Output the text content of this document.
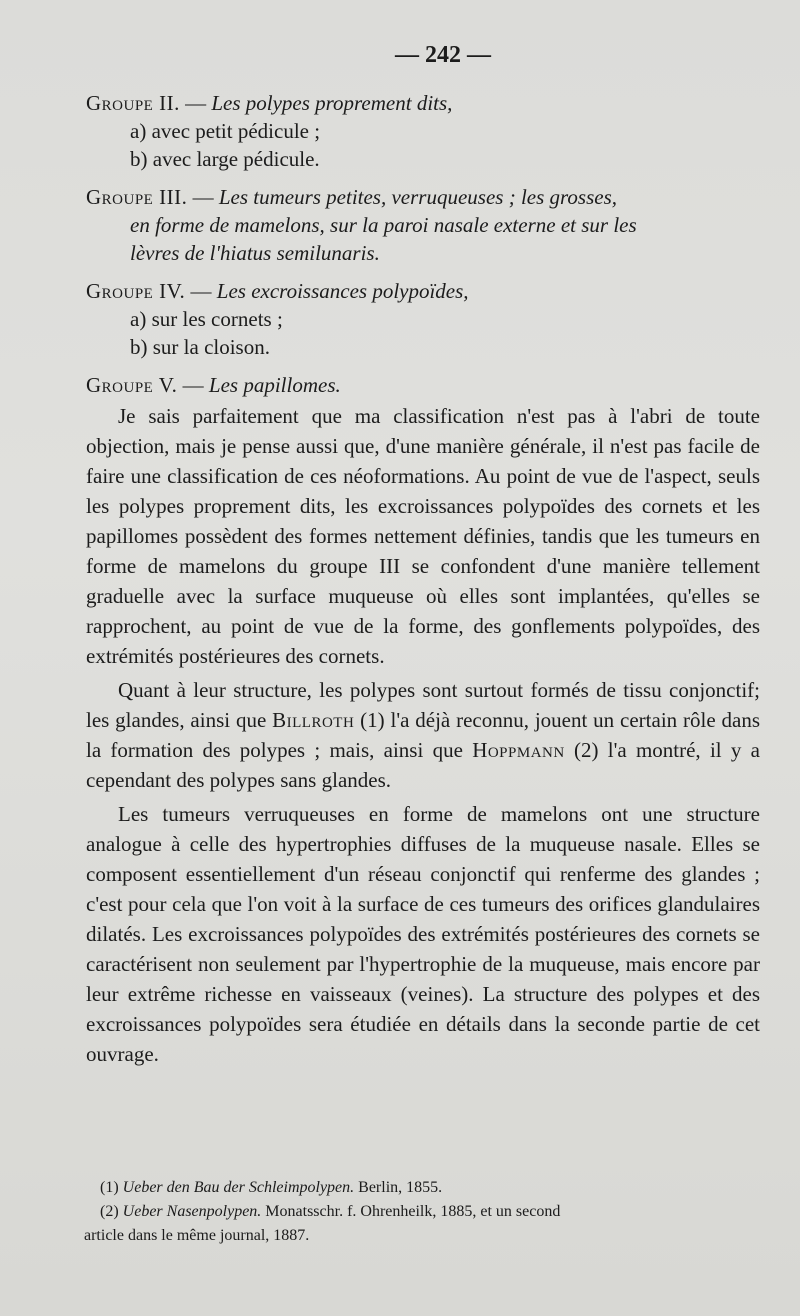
— 242 —

Groupe II. — Les polypes proprement dits,

a) avec petit pédicule ;

b) avec large pédicule.

Groupe III. — Les tumeurs petites, verruqueuses ; les grosses,

en forme de mamelons, sur la paroi nasale externe et sur les

lèvres de l'hiatus semilunaris.

Groupe IV. — Les excroissances polypoïdes,

a) sur les cornets ;

b) sur la cloison.

Groupe V. — Les papillomes.

Je sais parfaitement que ma classification n'est pas à l'abri de toute objection, mais je pense aussi que, d'une manière générale, il n'est pas facile de faire une classification de ces néoformations. Au point de vue de l'aspect, seuls les polypes proprement dits, les excroissances polypoïdes des cornets et les papillomes possèdent des formes nettement définies, tandis que les tumeurs en forme de mamelons du groupe III se confondent d'une manière tellement graduelle avec la surface muqueuse où elles sont implantées, qu'elles se rapprochent, au point de vue de la forme, des gonflements polypoïdes, des extrémités postérieures des cornets.

Quant à leur structure, les polypes sont surtout formés de tissu conjonctif; les glandes, ainsi que Billroth (1) l'a déjà reconnu, jouent un certain rôle dans la formation des polypes ; mais, ainsi que Hoppmann (2) l'a montré, il y a cependant des polypes sans glandes.

Les tumeurs verruqueuses en forme de mamelons ont une structure analogue à celle des hypertrophies diffuses de la muqueuse nasale. Elles se composent essentiellement d'un réseau conjonctif qui renferme des glandes ; c'est pour cela que l'on voit à la surface de ces tumeurs des orifices glandulaires dilatés. Les excroissances polypoïdes des extrémités postérieures des cornets se caractérisent non seulement par l'hypertrophie de la muqueuse, mais encore par leur extrême richesse en vaisseaux (veines). La structure des polypes et des excroissances polypoïdes sera étudiée en détails dans la seconde partie de cet ouvrage.

(1) Ueber den Bau der Schleimpolypen. Berlin, 1855.

(2) Ueber Nasenpolypen. Monatsschr. f. Ohrenheilk, 1885, et un second

article dans le même journal, 1887.
